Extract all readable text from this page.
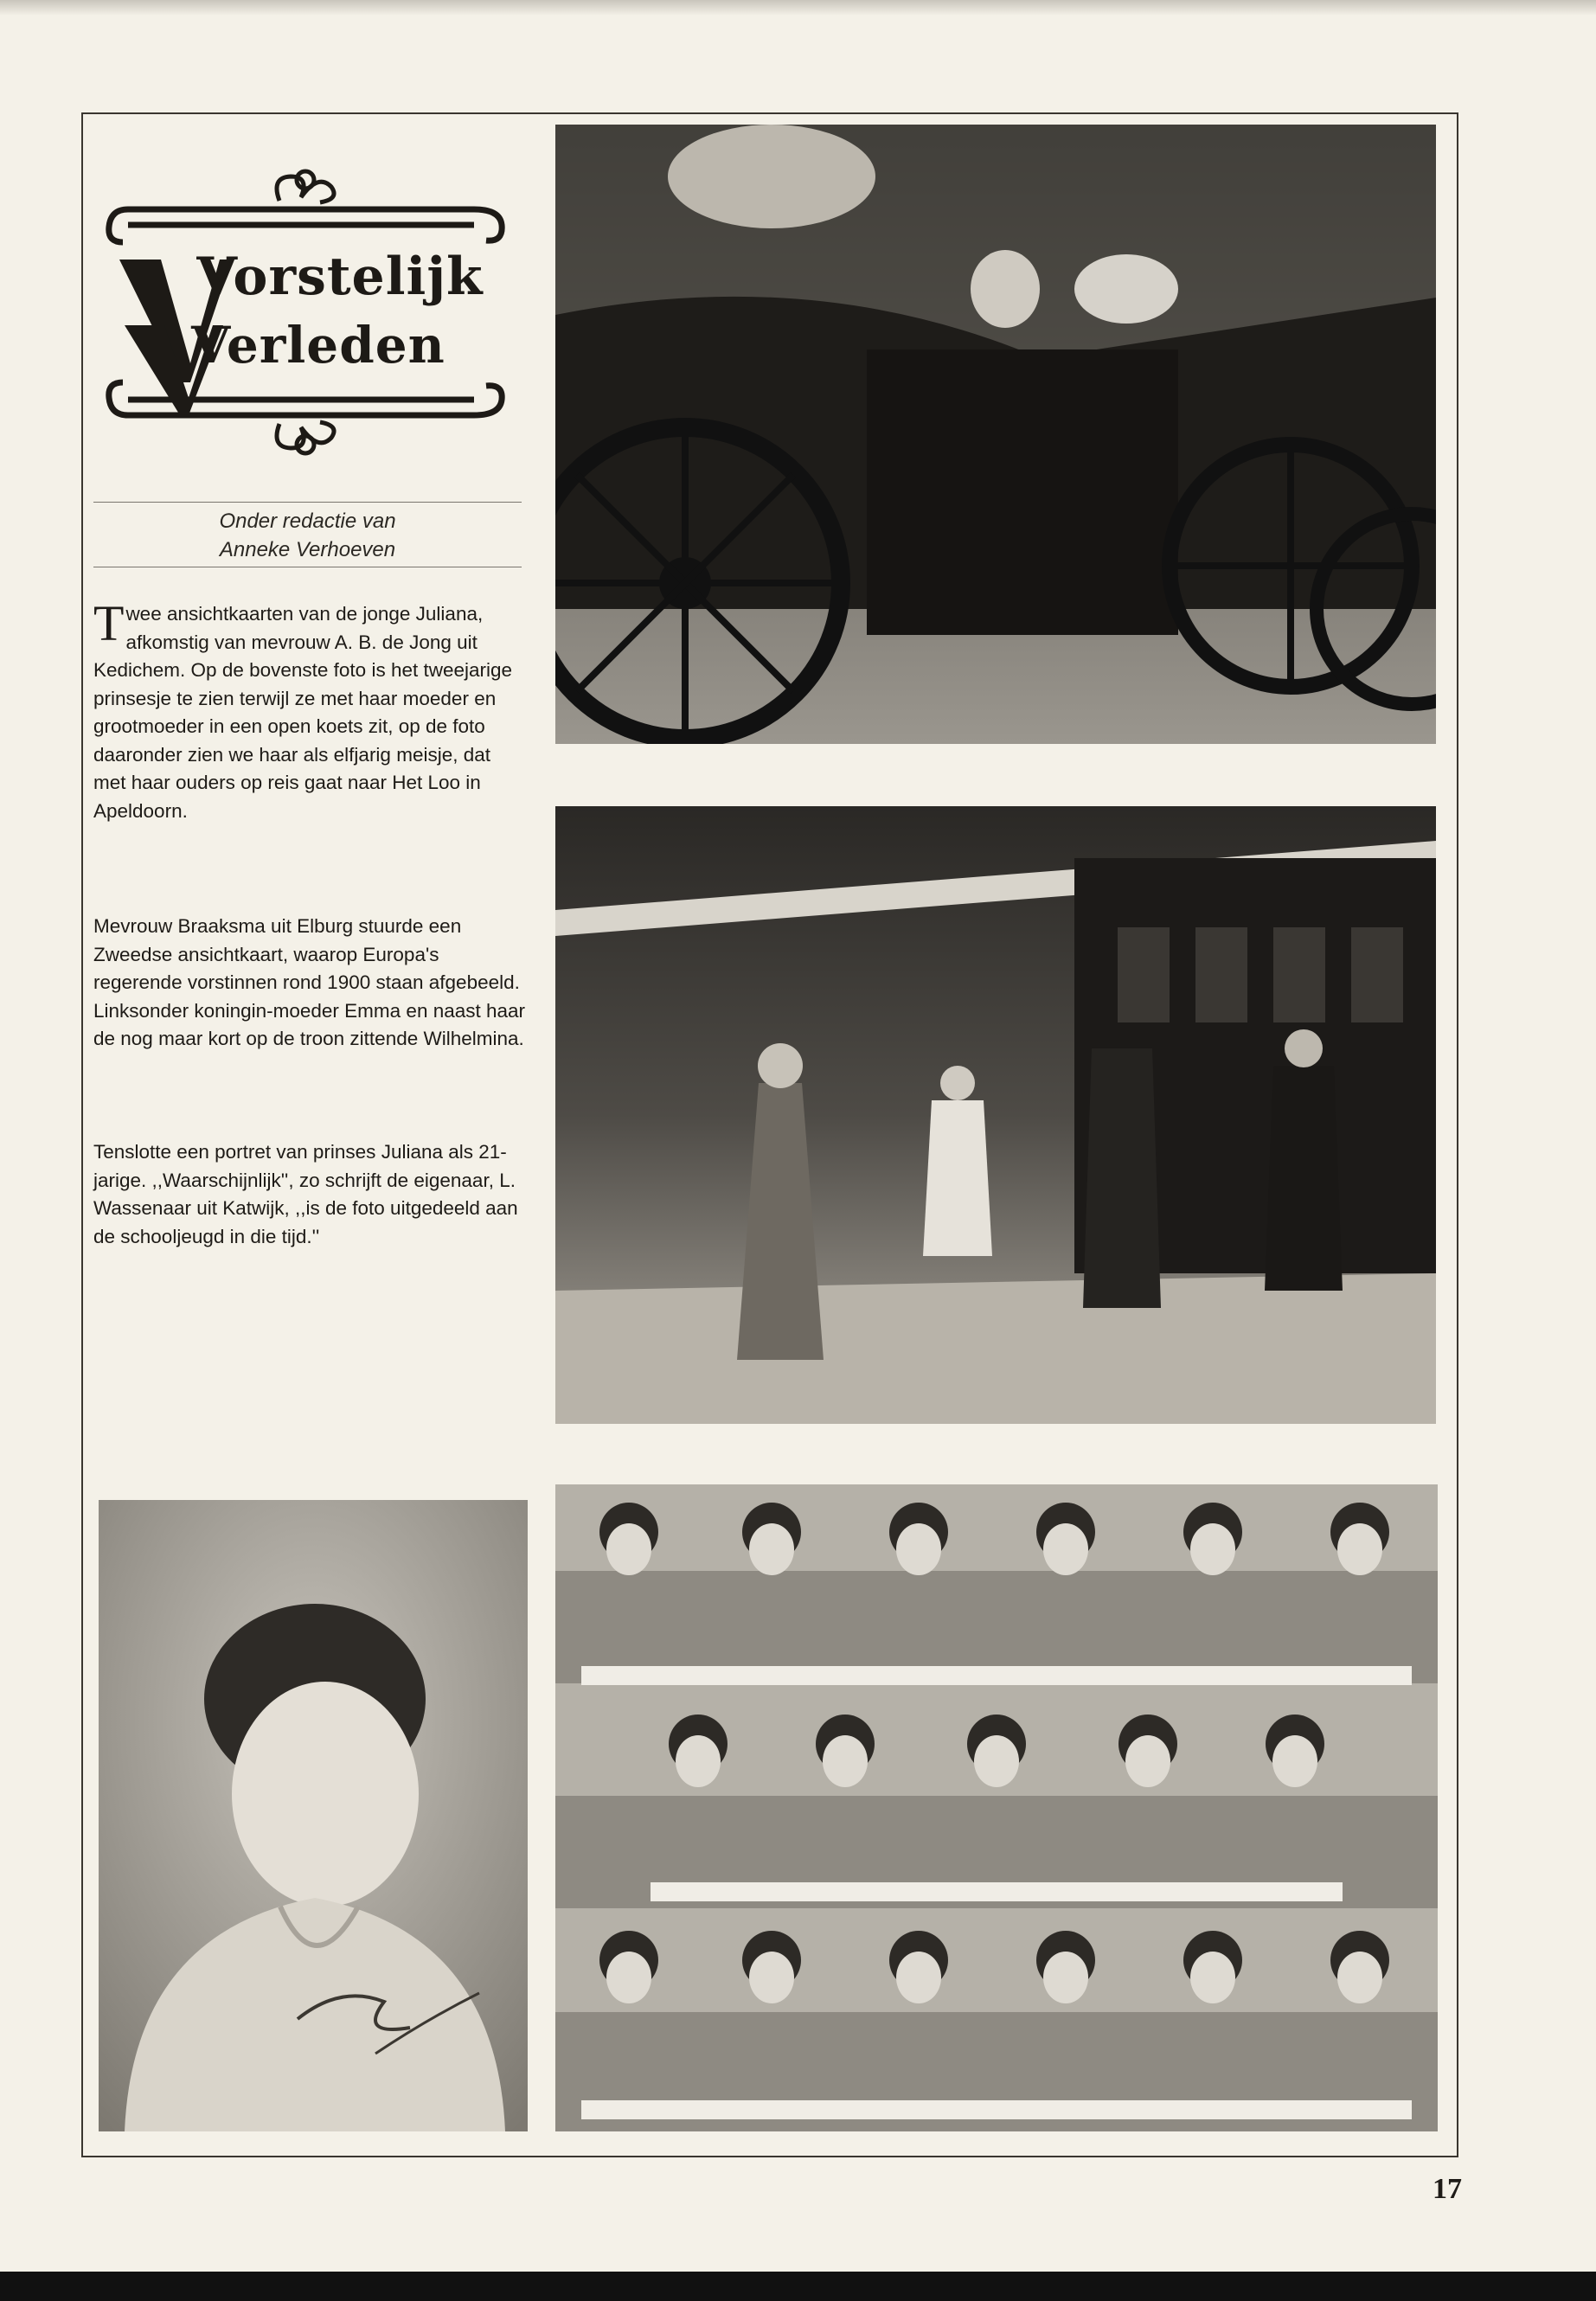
Vorstelijk
Verleden
Onder redactie van
Anneke Verhoeven
Twee ansichtkaarten van de jonge Juliana, afkomstig van mevrouw A. B. de Jong uit Kedichem. Op de bovenste foto is het tweejarige prinsesje te zien terwijl ze met haar moeder en grootmoeder in een open koets zit, op de foto daaronder zien we haar als elfjarig meisje, dat met haar ouders op reis gaat naar Het Loo in Apeldoorn.
Mevrouw Braaksma uit Elburg stuurde een Zweedse ansichtkaart, waarop Europa's regerende vorstinnen rond 1900 staan afgebeeld. Linksonder koningin-moeder Emma en naast haar de nog maar kort op de troon zittende Wilhelmina.
Tenslotte een portret van prinses Juliana als 21-jarige. ,,Waarschijnlijk'', zo schrijft de eigenaar, L. Wassenaar uit Katwijk, ,,is de foto uitgedeeld aan de schooljeugd in die tijd.''
17
